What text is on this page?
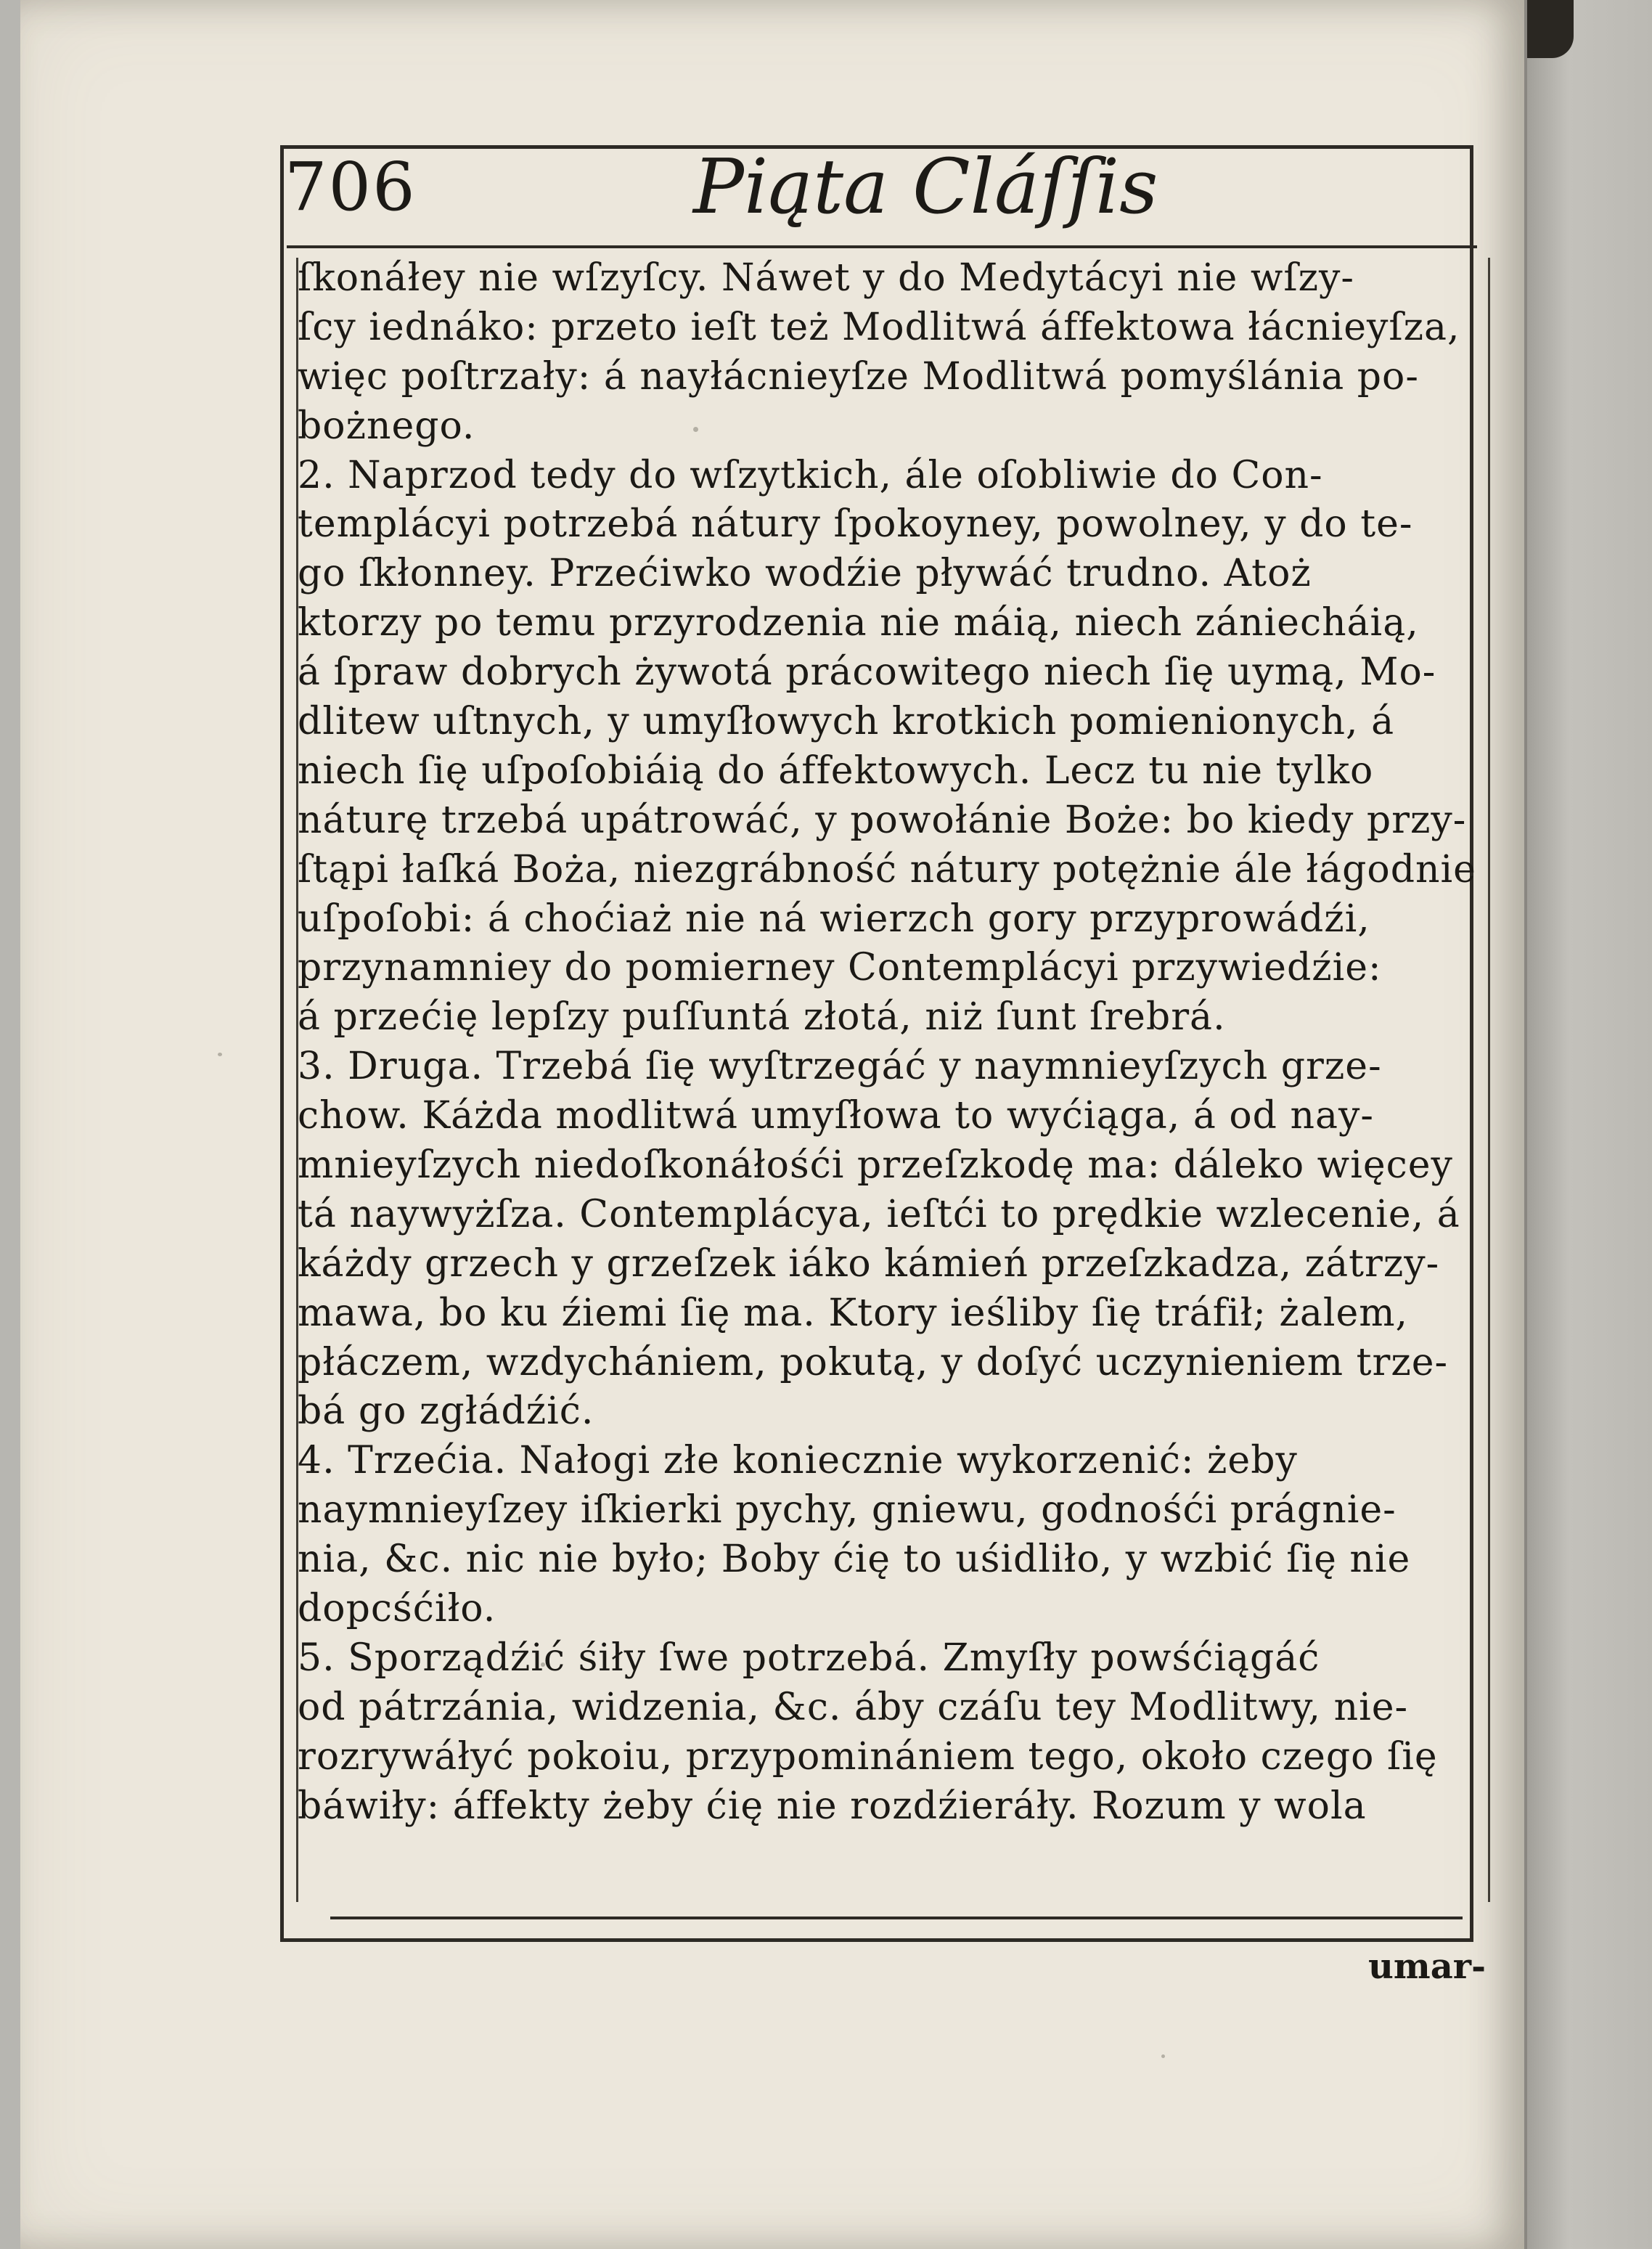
706	Piąta Cláſſis
ſkonáłey nie wſzyſcy. Náwet y do Medytácyi nie wſzy-
ſcy iednáko: przeto ieſt też Modlitwá áffektowa łácnieyſza,
więc poſtrzały: á nayłácnieyſze Modlitwá pomyślánia po-
bożnego.
2. Naprzod tedy do wſzytkich, ále oſobliwie do Con-
templácyi potrzebá nátury ſpokoyney, powolney, y do te-
go ſkłonney. Przećiwko wodźie pływáć trudno. Atoż
ktorzy po temu przyrodzenia nie máią, niech zániecháią,
á ſpraw dobrych żywotá prácowitego niech ſię uymą, Mo-
dlitew uſtnych, y umyſłowych krotkich pomienionych, á
niech ſię uſpoſobiáią do áffektowych. Lecz tu nie tylko
náturę trzebá upátrowáć, y powołánie Boże: bo kiedy przy-
ſtąpi łaſká Boża, niezgrábność nátury potężnie ále łágodnie
uſpoſobi: á choćiaż nie ná wierzch gory przyprowádźi,
przynamniey do pomierney Contemplácyi przywiedźie:
á przećię lepſzy puſſuntá złotá, niż ſunt ſrebrá.
3. Druga. Trzebá ſię wyſtrzegáć y naymnieyſzych grze-
chow. Káżda modlitwá umyſłowa to wyćiąga, á od nay-
mnieyſzych niedoſkonáłośći przeſzkodę ma: dáleko więcey
tá naywyżſza. Contemplácya, ieſtći to prędkie wzlecenie, á
káżdy grzech y grzeſzek iáko kámień przeſzkadza, zátrzy-
mawa, bo ku źiemi ſię ma. Ktory ieśliby ſię tráfił; żalem,
płáczem, wzdychániem, pokutą, y doſyć uczynieniem trze-
bá go zgłádźić.
4. Trzećia. Nałogi złe koniecznie wykorzenić: żeby
naymnieyſzey iſkierki pychy, gniewu, godnośći prágnie-
nia, &c. nic nie było; Boby ćię to uśidliło, y wzbić ſię nie
dopcśćiło.
5. Sporządźić śiły ſwe potrzebá. Zmyſły powśćiągáć
od pátrzánia, widzenia, &c. áby czáſu tey Modlitwy, nie-
rozrywáłyć pokoiu, przypominániem tego, około czego ſię
báwiły: áffekty żeby ćię nie rozdźieráły. Rozum y wola
umar-
